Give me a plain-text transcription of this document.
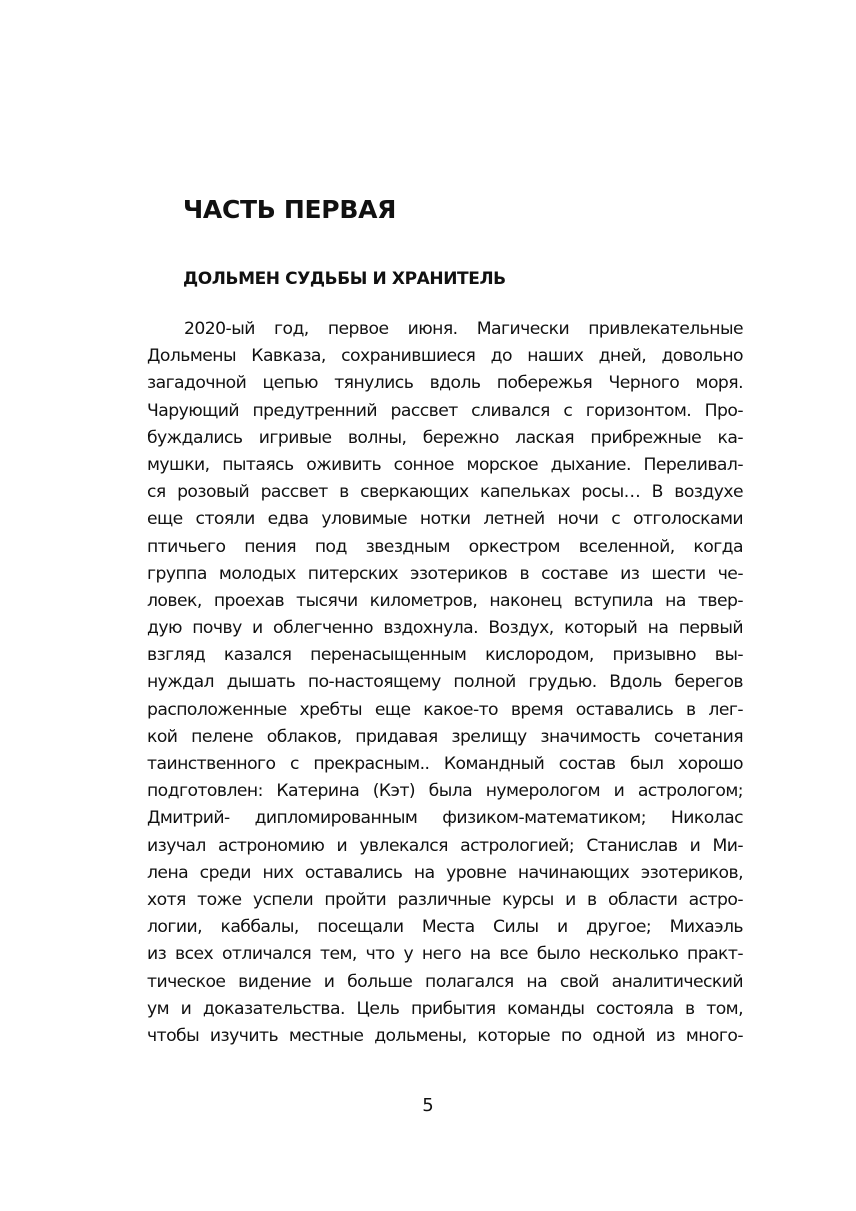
ЧАСТЬ ПЕРВАЯ
ДОЛЬМЕН СУДЬБЫ И ХРАНИТЕЛЬ
2020-ый год, первое июня. Магически привлекательные
Дольмены Кавказа, сохранившиеся до наших дней, довольно
загадочной цепью тянулись вдоль побережья Черного моря.
Чарующий предутренний рассвет сливался с горизонтом. Про-
буждались игривые волны, бережно лаская прибрежные ка-
мушки, пытаясь оживить сонное морское дыхание. Переливал-
ся розовый рассвет в сверкающих капельках росы… В воздухе
еще стояли едва уловимые нотки летней ночи с отголосками
птичьего пения под звездным оркестром вселенной, когда
группа молодых питерских эзотериков в составе из шести че-
ловек, проехав тысячи километров, наконец вступила на твер-
дую почву и облегченно вздохнула. Воздух, который на первый
взгляд казался перенасыщенным кислородом, призывно вы-
нуждал дышать по-настоящему полной грудью. Вдоль берегов
расположенные хребты еще какое-то время оставались в лег-
кой пелене облаков, придавая зрелищу значимость сочетания
таинственного с прекрасным.. Командный состав был хорошо
подготовлен: Катерина (Кэт) была нумерологом и астрологом;
Дмитрий- дипломированным физиком-математиком; Николас
изучал астрономию и увлекался астрологией; Станислав и Ми-
лена среди них оставались на уровне начинающих эзотериков,
хотя тоже успели пройти различные курсы и в области астро-
логии, каббалы, посещали Места Силы и другое; Михаэль
из всех отличался тем, что у него на все было несколько практ-
тическое видение и больше полагался на свой аналитический
ум и доказательства. Цель прибытия команды состояла в том,
чтобы изучить местные дольмены, которые по одной из много-
5
